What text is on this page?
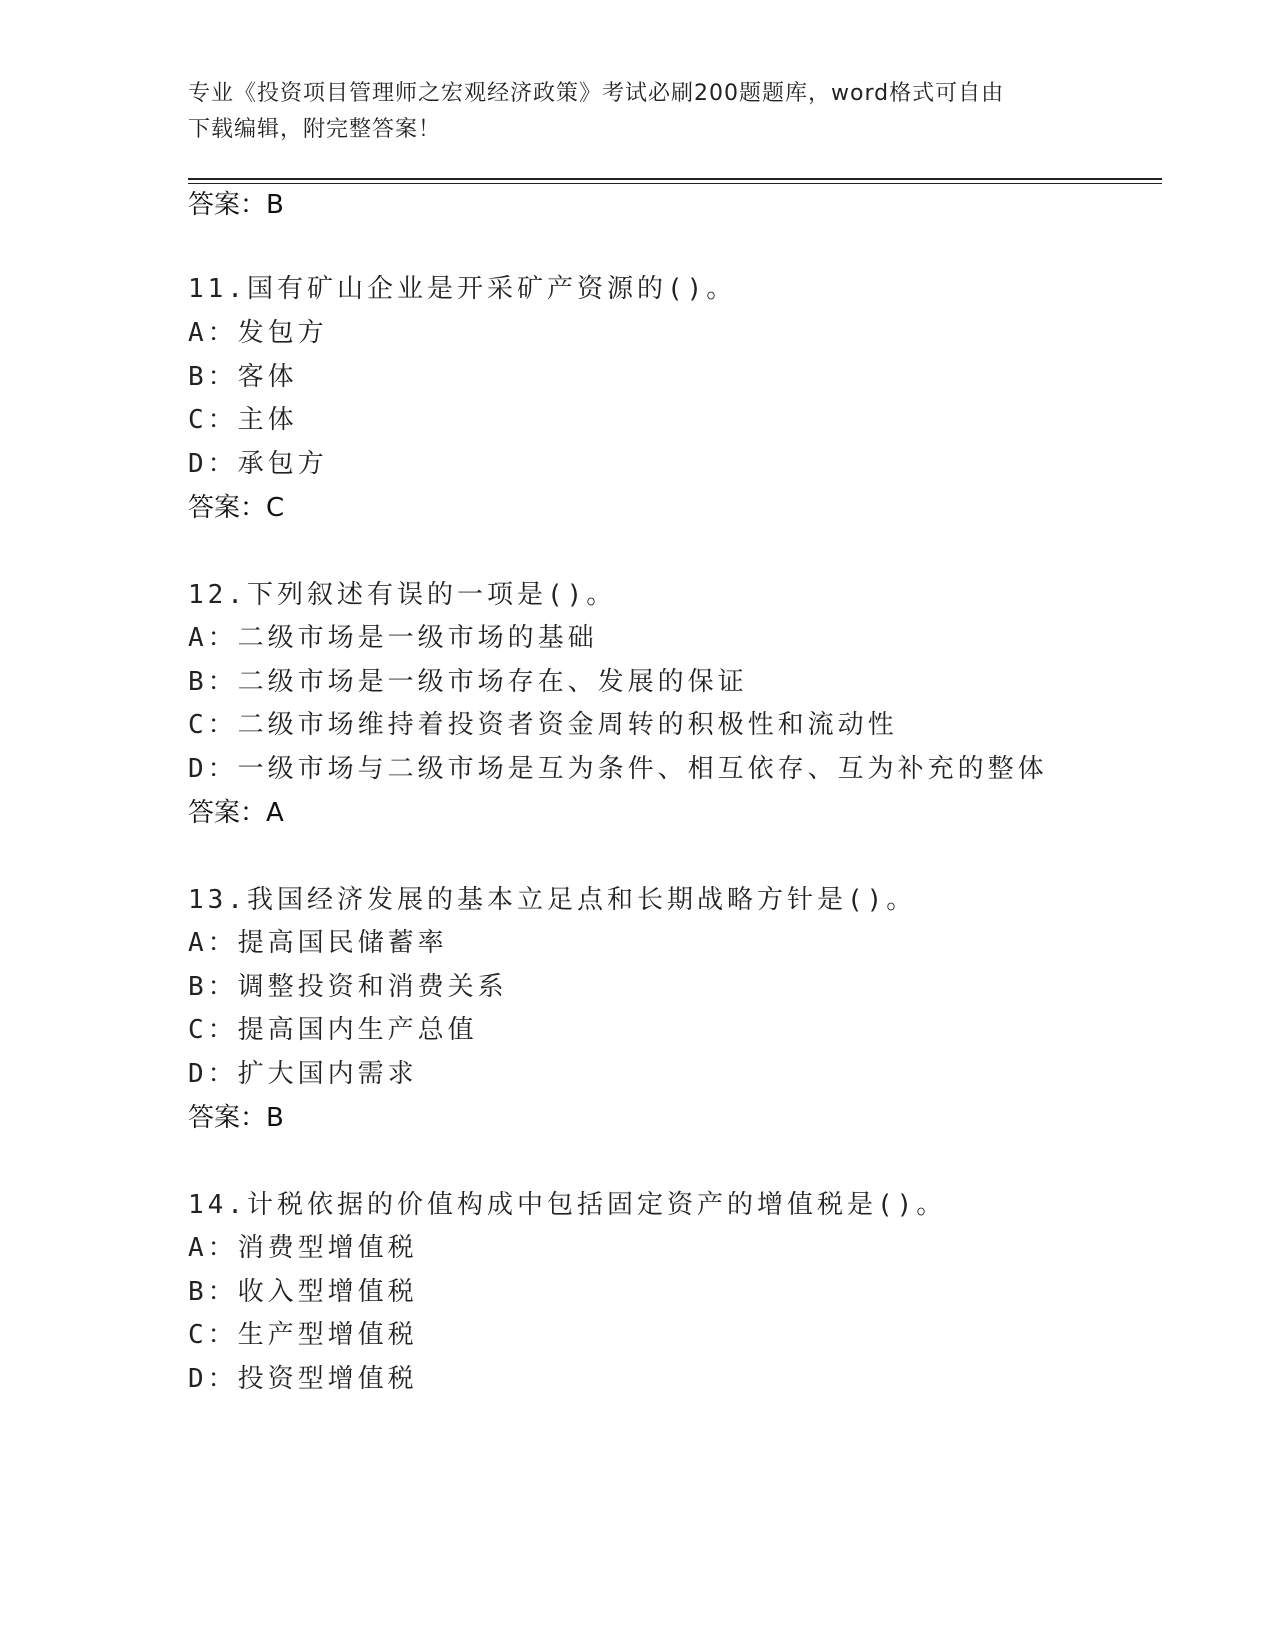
专业《投资项目管理师之宏观经济政策》考试必刷200题题库，word格式可自由
下载编辑，附完整答案！
答案：B
11.国有矿山企业是开采矿产资源的()。
A：发包方
B：客体
C：主体
D：承包方
答案：C
12.下列叙述有误的一项是()。
A：二级市场是一级市场的基础
B：二级市场是一级市场存在、发展的保证
C：二级市场维持着投资者资金周转的积极性和流动性
D：一级市场与二级市场是互为条件、相互依存、互为补充的整体
答案：A
13.我国经济发展的基本立足点和长期战略方针是()。
A：提高国民储蓄率
B：调整投资和消费关系
C：提高国内生产总值
D：扩大国内需求
答案：B
14.计税依据的价值构成中包括固定资产的增值税是()。
A：消费型增值税
B：收入型增值税
C：生产型增值税
D：投资型增值税
